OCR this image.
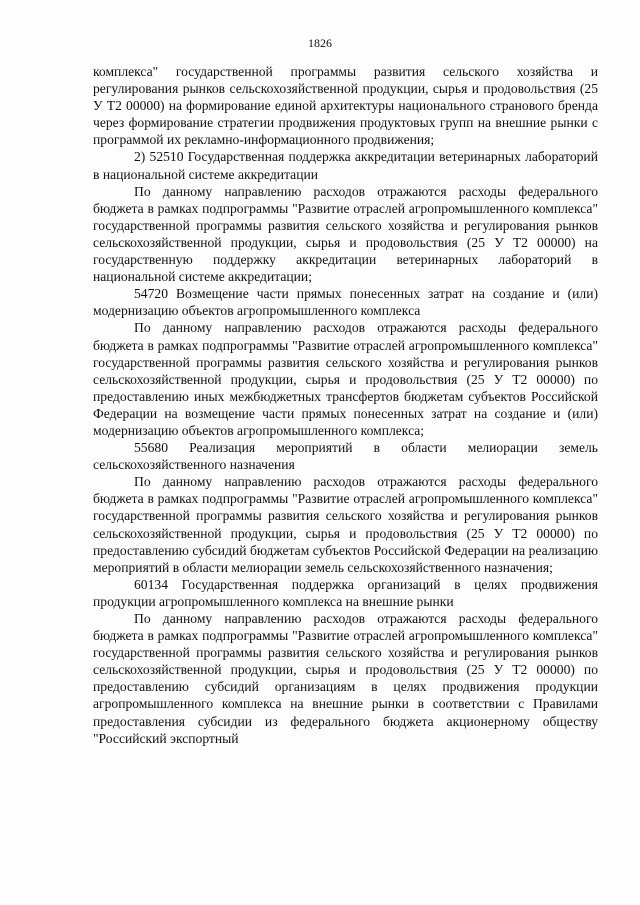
1826

комплекса" государственной программы развития сельского хозяйства и регулирования рынков сельскохозяйственной продукции, сырья и продовольствия (25 У Т2 00000) на формирование единой архитектуры национального странового бренда через формирование стратегии продвижения продуктовых групп на внешние рынки с программой их рекламно-информационного продвижения;

2) 52510 Государственная поддержка аккредитации ветеринарных лабораторий в национальной системе аккредитации

По данному направлению расходов отражаются расходы федерального бюджета в рамках подпрограммы "Развитие отраслей агропромышленного комплекса" государственной программы развития сельского хозяйства и регулирования рынков сельскохозяйственной продукции, сырья и продовольствия (25 У Т2 00000) на государственную поддержку аккредитации ветеринарных лабораторий в национальной системе аккредитации;

54720 Возмещение части прямых понесенных затрат на создание и (или) модернизацию объектов агропромышленного комплекса

По данному направлению расходов отражаются расходы федерального бюджета в рамках подпрограммы "Развитие отраслей агропромышленного комплекса" государственной программы развития сельского хозяйства и регулирования рынков сельскохозяйственной продукции, сырья и продовольствия (25 У Т2 00000) по предоставлению иных межбюджетных трансфертов бюджетам субъектов Российской Федерации на возмещение части прямых понесенных затрат на создание и (или) модернизацию объектов агропромышленного комплекса;

55680 Реализация мероприятий в области мелиорации земель сельскохозяйственного назначения

По данному направлению расходов отражаются расходы федерального бюджета в рамках подпрограммы "Развитие отраслей агропромышленного комплекса" государственной программы развития сельского хозяйства и регулирования рынков сельскохозяйственной продукции, сырья и продовольствия (25 У Т2 00000) по предоставлению субсидий бюджетам субъектов Российской Федерации на реализацию мероприятий в области мелиорации земель сельскохозяйственного назначения;

60134 Государственная поддержка организаций в целях продвижения продукции агропромышленного комплекса на внешние рынки

По данному направлению расходов отражаются расходы федерального бюджета в рамках подпрограммы "Развитие отраслей агропромышленного комплекса" государственной программы развития сельского хозяйства и регулирования рынков сельскохозяйственной продукции, сырья и продовольствия (25 У Т2 00000) по предоставлению субсидий организациям в целях продвижения продукции агропромышленного комплекса на внешние рынки в соответствии с Правилами предоставления субсидии из федерального бюджета акционерному обществу "Российский экспортный
